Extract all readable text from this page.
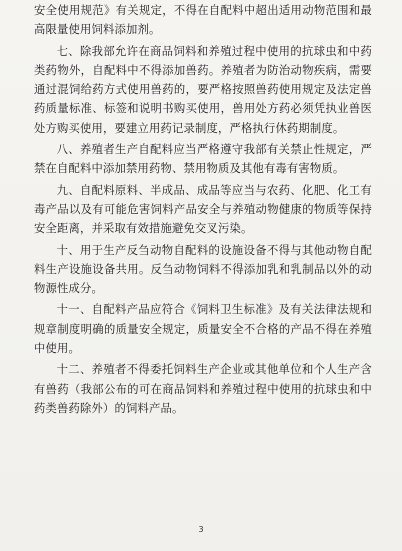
安全使用规范》有关规定，不得在自配料中超出适用动物范围和最高限量使用饲料添加剂。

七、除我部允许在商品饲料和养殖过程中使用的抗球虫和中药类药物外，自配料中不得添加兽药。养殖者为防治动物疾病，需要通过混饲给药方式使用兽药的，要严格按照兽药使用规定及法定兽药质量标准、标签和说明书购买使用，兽用处方药必须凭执业兽医处方购买使用，要建立用药记录制度，严格执行休药期制度。

八、养殖者生产自配料应当严格遵守我部有关禁止性规定，严禁在自配料中添加禁用药物、禁用物质及其他有毒有害物质。

九、自配料原料、半成品、成品等应当与农药、化肥、化工有毒产品以及有可能危害饲料产品安全与养殖动物健康的物质等保持安全距离，并采取有效措施避免交叉污染。

十、用于生产反刍动物自配料的设施设备不得与其他动物自配料生产设施设备共用。反刍动物饲料不得添加乳和乳制品以外的动物源性成分。

十一、自配料产品应符合《饲料卫生标准》及有关法律法规和规章制度明确的质量安全规定，质量安全不合格的产品不得在养殖中使用。

十二、养殖者不得委托饲料生产企业或其他单位和个人生产含有兽药（我部公布的可在商品饲料和养殖过程中使用的抗球虫和中药类兽药除外）的饲料产品。

3
